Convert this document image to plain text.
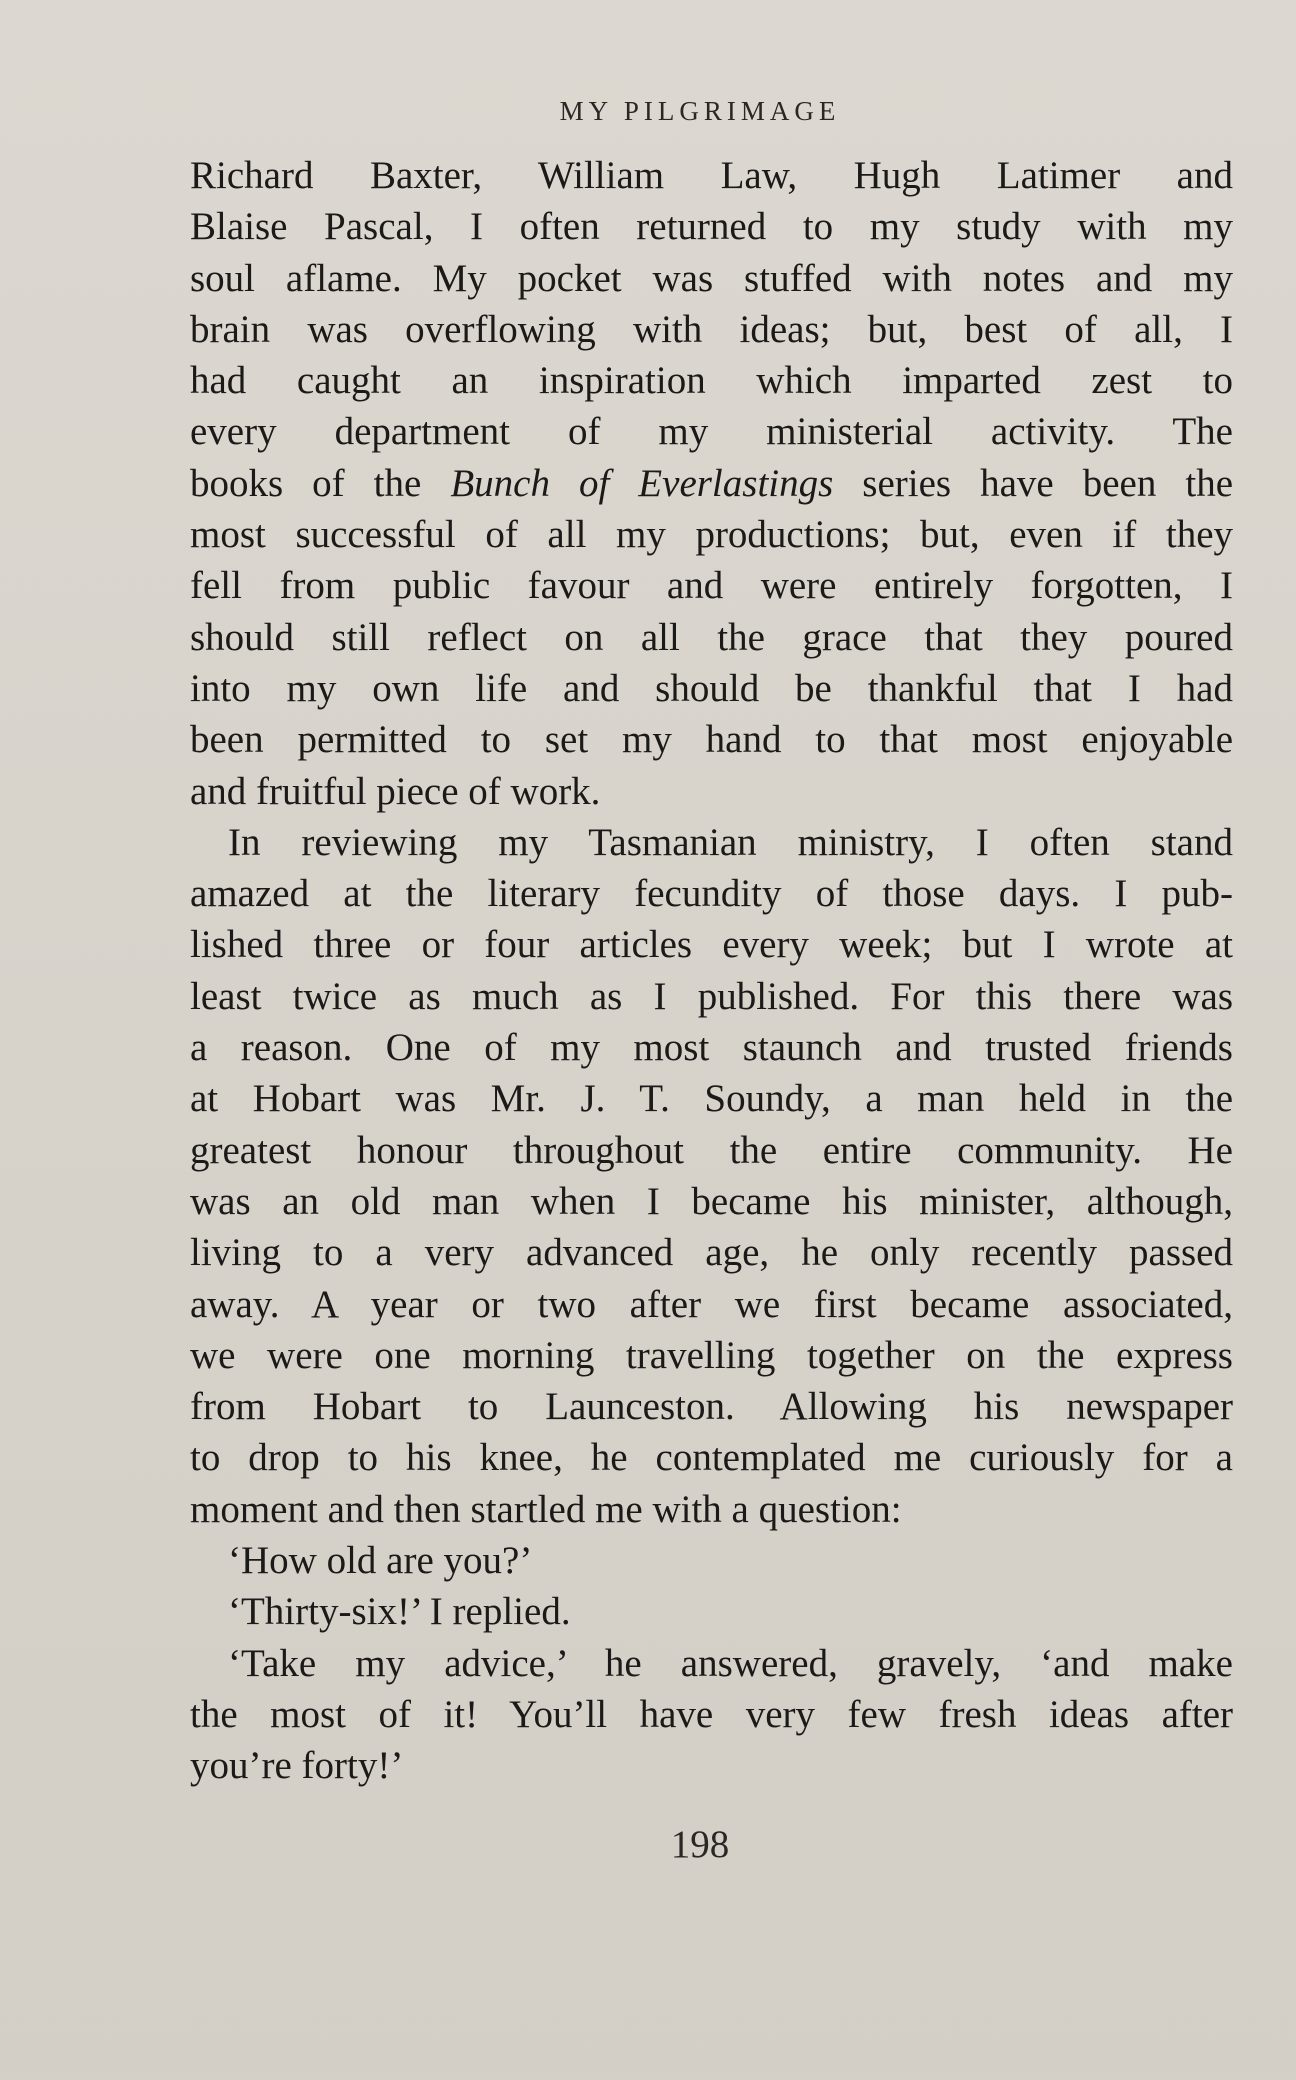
MY PILGRIMAGE
Richard Baxter, William Law, Hugh Latimer and
Blaise Pascal, I often returned to my study with my
soul aflame. My pocket was stuffed with notes and my
brain was overflowing with ideas; but, best of all, I
had caught an inspiration which imparted zest to
every department of my ministerial activity. The
books of the Bunch of Everlastings series have been the
most successful of all my productions; but, even if they
fell from public favour and were entirely forgotten, I
should still reflect on all the grace that they poured
into my own life and should be thankful that I had
been permitted to set my hand to that most enjoyable
and fruitful piece of work.
In reviewing my Tasmanian ministry, I often stand
amazed at the literary fecundity of those days. I pub-
lished three or four articles every week; but I wrote at
least twice as much as I published. For this there was
a reason. One of my most staunch and trusted friends
at Hobart was Mr. J. T. Soundy, a man held in the
greatest honour throughout the entire community. He
was an old man when I became his minister, although,
living to a very advanced age, he only recently passed
away. A year or two after we first became associated,
we were one morning travelling together on the express
from Hobart to Launceston. Allowing his newspaper
to drop to his knee, he contemplated me curiously for a
moment and then startled me with a question:
‘How old are you?’
‘Thirty-six!’ I replied.
‘Take my advice,’ he answered, gravely, ‘and make
the most of it! You’ll have very few fresh ideas after
you’re forty!’
198
